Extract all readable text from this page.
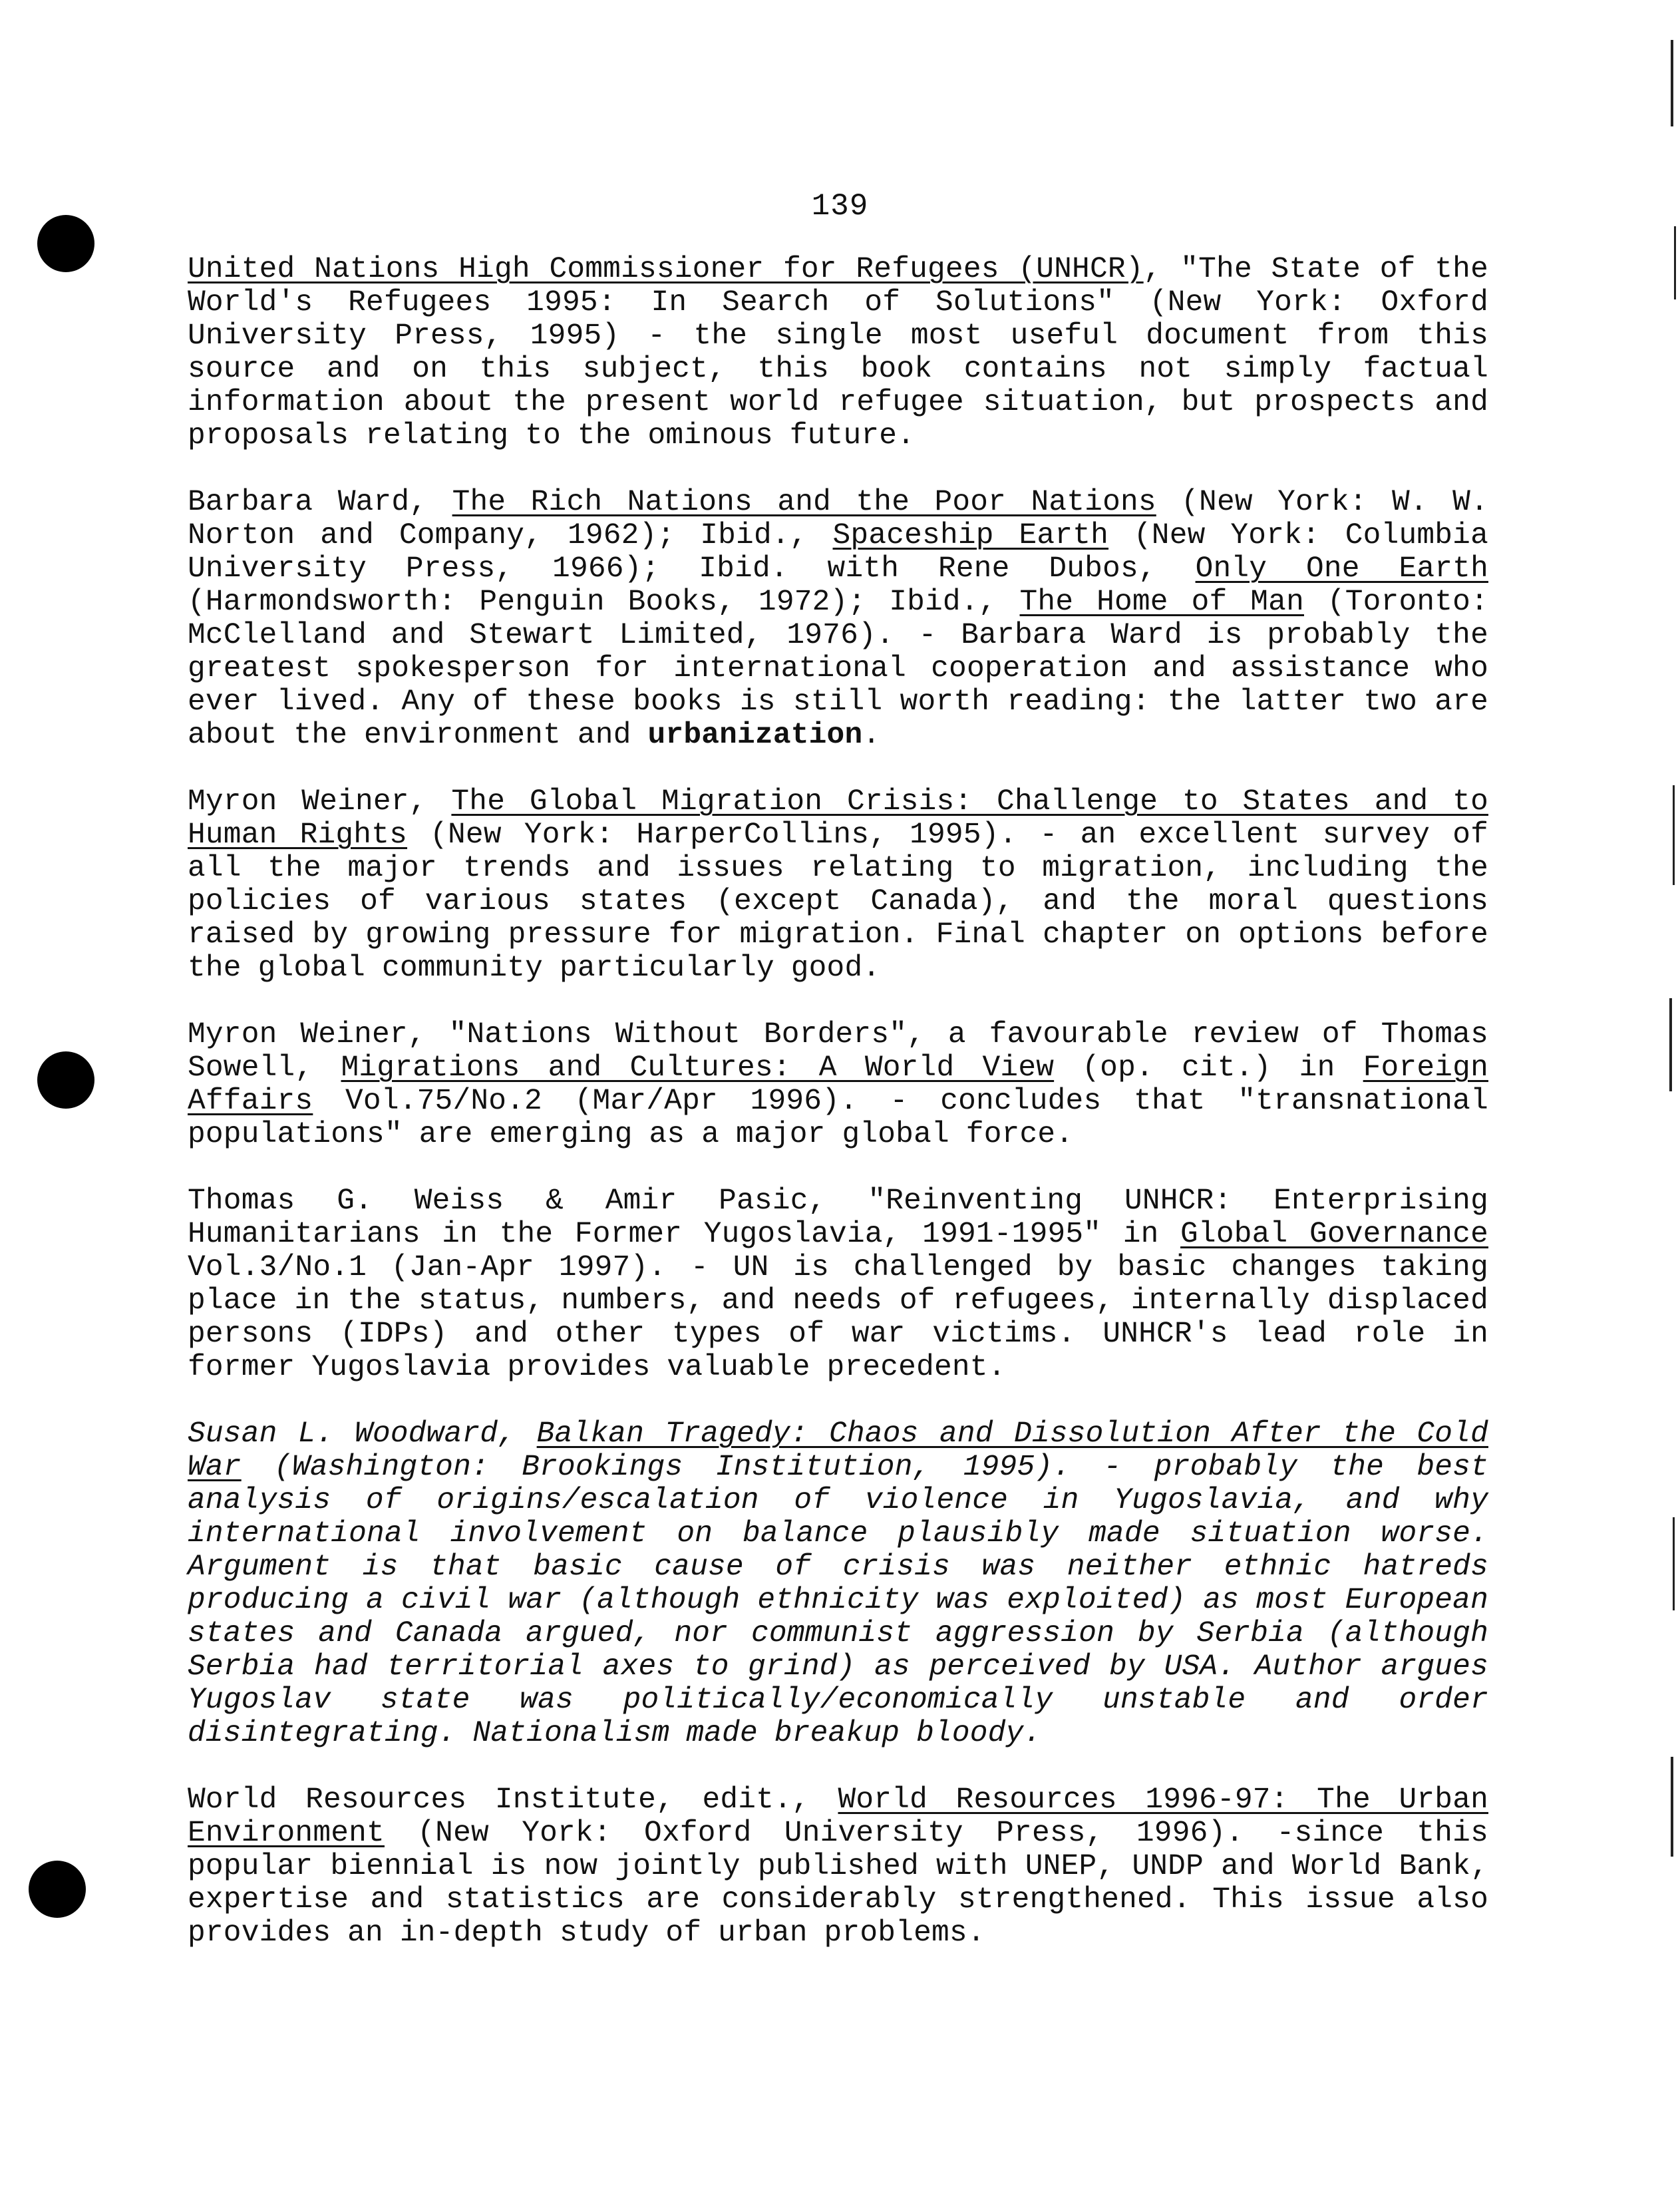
139

United Nations High Commissioner for Refugees (UNHCR), "The State of the World's Refugees 1995: In Search of Solutions" (New York: Oxford University Press, 1995) - the single most useful document from this source and on this subject, this book contains not simply factual information about the present world refugee situation, but prospects and proposals relating to the ominous future.

Barbara Ward, The Rich Nations and the Poor Nations (New York: W. W. Norton and Company, 1962); Ibid., Spaceship Earth (New York: Columbia University Press, 1966); Ibid. with Rene Dubos, Only One Earth (Harmondsworth: Penguin Books, 1972); Ibid., The Home of Man (Toronto: McClelland and Stewart Limited, 1976). - Barbara Ward is probably the greatest spokesperson for international cooperation and assistance who ever lived. Any of these books is still worth reading: the latter two are about the environment and urbanization.

Myron Weiner, The Global Migration Crisis: Challenge to States and to Human Rights (New York: HarperCollins, 1995). - an excellent survey of all the major trends and issues relating to migration, including the policies of various states (except Canada), and the moral questions raised by growing pressure for migration. Final chapter on options before the global community particularly good.

Myron Weiner, "Nations Without Borders", a favourable review of Thomas Sowell, Migrations and Cultures: A World View (op. cit.) in Foreign Affairs Vol.75/No.2 (Mar/Apr 1996). - concludes that "transnational populations" are emerging as a major global force.

Thomas G. Weiss & Amir Pasic, "Reinventing UNHCR: Enterprising Humanitarians in the Former Yugoslavia, 1991-1995" in Global Governance Vol.3/No.1 (Jan-Apr 1997). - UN is challenged by basic changes taking place in the status, numbers, and needs of refugees, internally displaced persons (IDPs) and other types of war victims. UNHCR's lead role in former Yugoslavia provides valuable precedent.

Susan L. Woodward, Balkan Tragedy: Chaos and Dissolution After the Cold War (Washington: Brookings Institution, 1995). - probably the best analysis of origins/escalation of violence in Yugoslavia, and why international involvement on balance plausibly made situation worse. Argument is that basic cause of crisis was neither ethnic hatreds producing a civil war (although ethnicity was exploited) as most European states and Canada argued, nor communist aggression by Serbia (although Serbia had territorial axes to grind) as perceived by USA. Author argues Yugoslav state was politically/economically unstable and order disintegrating. Nationalism made breakup bloody.

World Resources Institute, edit., World Resources 1996-97: The Urban Environment (New York: Oxford University Press, 1996). -since this popular biennial is now jointly published with UNEP, UNDP and World Bank, expertise and statistics are considerably strengthened. This issue also provides an in-depth study of urban problems.
